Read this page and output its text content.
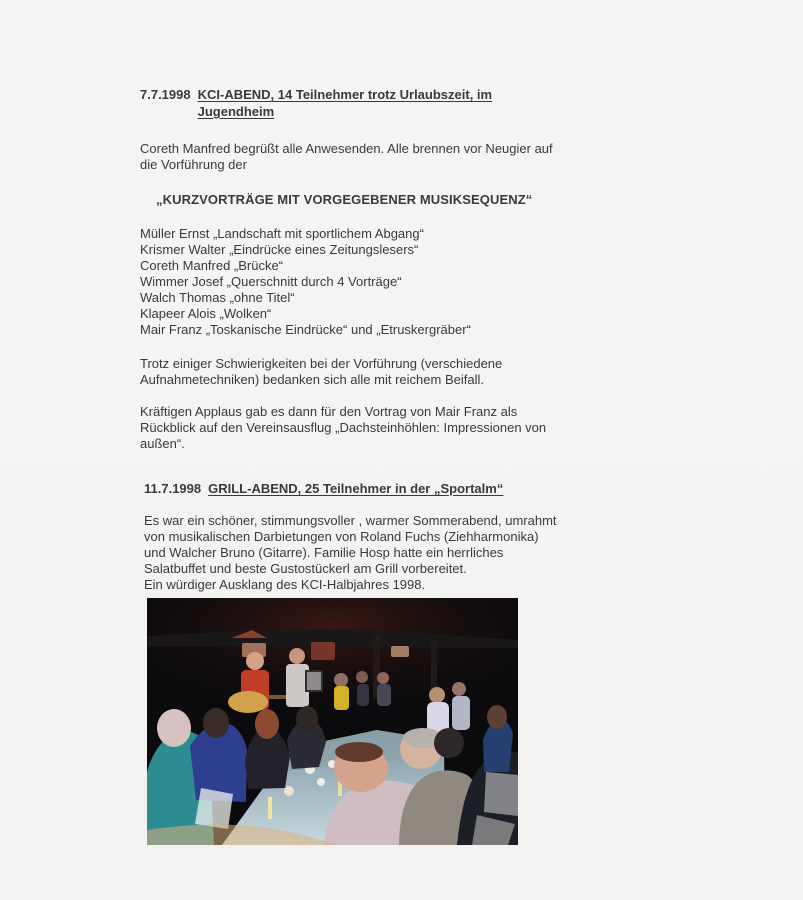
7.7.1998 KCI-ABEND, 14 Teilnehmer trotz Urlaubszeit, im
Jugendheim

Coreth Manfred begrüßt alle Anwesenden. Alle brennen vor Neugier auf
die Vorführung der

„KURZVORTRÄGE MIT VORGEGEBENER MUSIKSEQUENZ“
Müller Ernst „Landschaft mit sportlichem Abgang“
Krismer Walter „Eindrücke eines Zeitungslesers“
Coreth Manfred „Brücke“
Wimmer Josef „Querschnitt durch 4 Vorträge“
Walch Thomas „ohne Titel“
Klapeer Alois „Wolken“
Mair Franz „Toskanische Eindrücke“ und „Etruskergräber“

Trotz einiger Schwierigkeiten bei der Vorführung (verschiedene
Aufnahmetechniken) bedanken sich alle mit reichem Beifall.

Kräftigen Applaus gab es dann für den Vortrag von Mair Franz als
Rückblick auf den Vereinsausflug „Dachsteinhöhlen: Impressionen von
außen“.

11.7.1998 GRILL-ABEND, 25 Teilnehmer in der „Sportalm“

Es war ein schöner, stimmungsvoller , warmer Sommerabend, umrahmt
von musikalischen Darbietungen von Roland Fuchs (Ziehharmonika)
und Walcher Bruno (Gitarre). Familie Hosp hatte ein herrliches
Salatbuffet und beste Gustostückerl am Grill vorbereitet.
Ein würdiger Ausklang des KCI-Halbjahres 1998.
